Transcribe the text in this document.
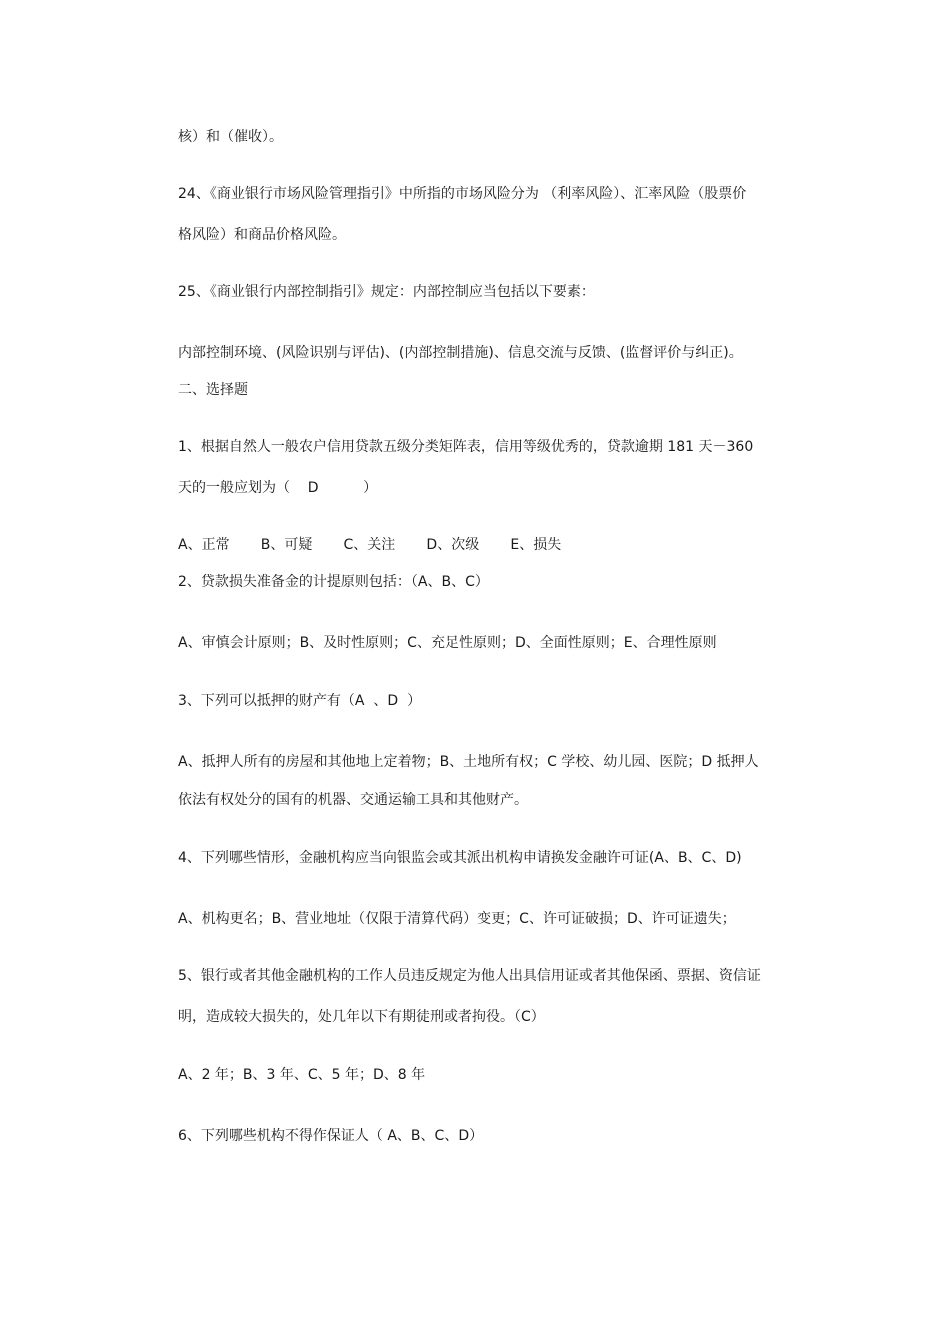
核）和（催收）。
24、《商业银行市场风险管理指引》中所指的市场风险分为 （利率风险）、汇率风险（股票价
格风险）和商品价格风险。
25、《商业银行内部控制指引》规定：内部控制应当包括以下要素：
内部控制环境、(风险识别与评估)、(内部控制措施)、信息交流与反馈、(监督评价与纠正)。
二、选择题
1、根据自然人一般农户信用贷款五级分类矩阵表，信用等级优秀的，贷款逾期 181 天－360
天的一般应划为（    D          ）
A、正常       B、可疑       C、关注       D、次级       E、损失
2、贷款损失准备金的计提原则包括：（A、B、C）
A、审慎会计原则；B、及时性原则；C、充足性原则；D、全面性原则；E、合理性原则
3、下列可以抵押的财产有（A  、D  ）
A、抵押人所有的房屋和其他地上定着物；B、土地所有权；C 学校、幼儿园、医院；D 抵押人
依法有权处分的国有的机器、交通运输工具和其他财产。
4、下列哪些情形，金融机构应当向银监会或其派出机构申请换发金融许可证(A、B、C、D)
A、机构更名；B、营业地址（仅限于清算代码）变更；C、许可证破损；D、许可证遗失；
5、银行或者其他金融机构的工作人员违反规定为他人出具信用证或者其他保函、票据、资信证
明，造成较大损失的，处几年以下有期徒刑或者拘役。（C）
A、2 年；B、3 年、C、5 年；D、8 年
6、下列哪些机构不得作保证人（ A、B、C、D）
